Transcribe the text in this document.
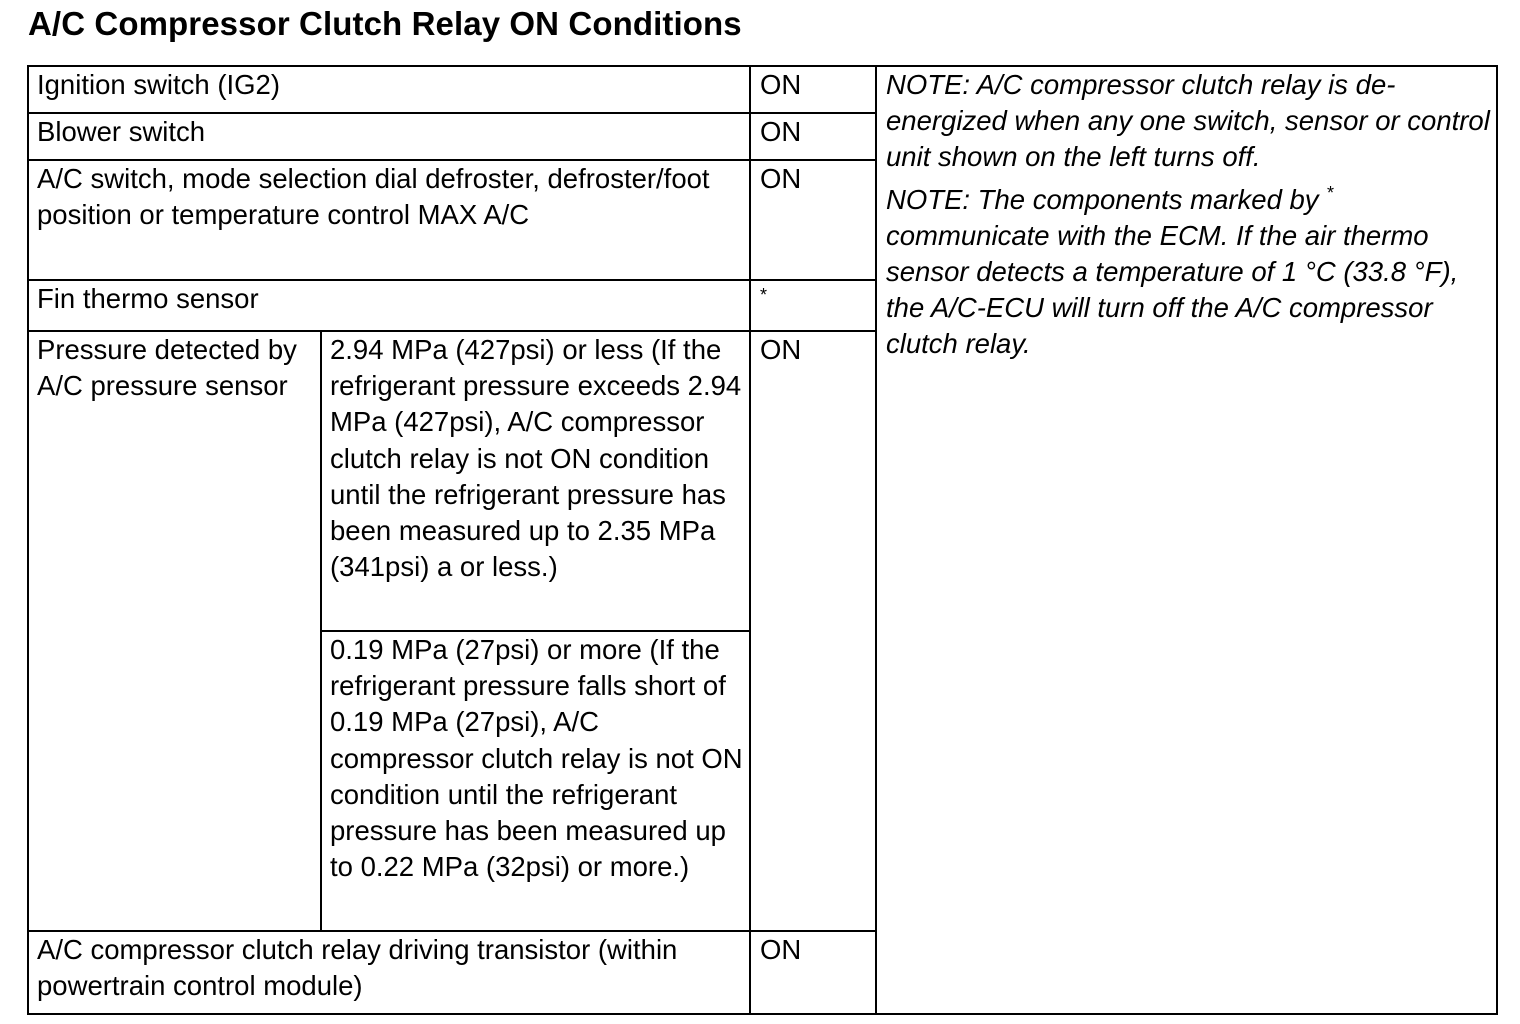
A/C Compressor Clutch Relay ON Conditions
Ignition switch (IG2)		ON	NOTE: A/C compressor clutch relay is de-energized when any one switch, sensor or control unit shown on the left turns off.
NOTE: The components marked by * communicate with the ECM. If the air thermo sensor detects a temperature of 1 °C (33.8 °F), the A/C-ECU will turn off the A/C compressor clutch relay.

Blower switch		ON	
A/C switch, mode selection dial defroster, defroster/foot position or temperature control MAX A/C		ON	
Fin thermo sensor		*
Pressure detected by A/C pressure sensor	2.94 MPa (427psi) or less (If the refrigerant pressure exceeds 2.94 MPa (427psi), A/C compressor clutch relay is not ON condition until the refrigerant pressure has been measured up to 2.35 MPa (341psi) a or less.)	ON	
	0.19 MPa (27psi) or more (If the refrigerant pressure falls short of 0.19 MPa (27psi), A/C compressor clutch relay is not ON condition until the refrigerant pressure has been measured up to 0.22 MPa (32psi) or more.)		
A/C compressor clutch relay driving transistor (within powertrain control module)		ON	
